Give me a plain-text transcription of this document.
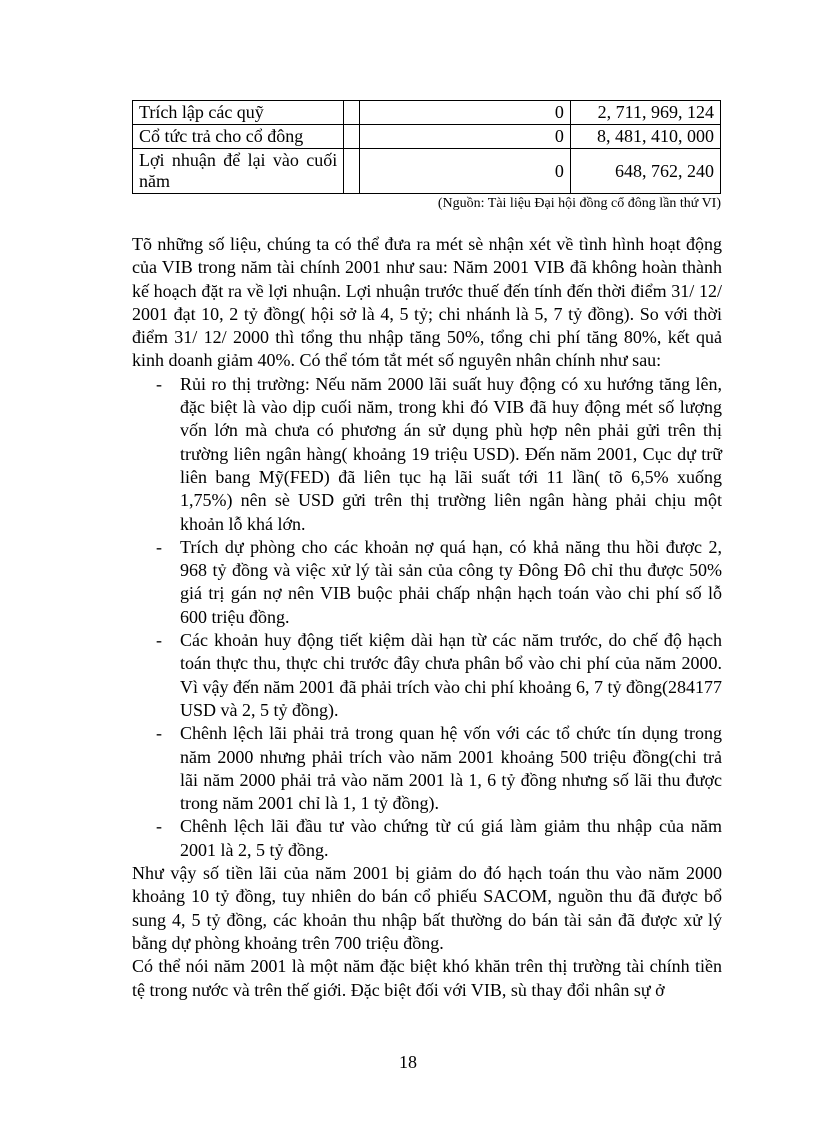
Trích lập các quỹ		0	2, 711, 969, 124
Cổ tức trả cho cổ đông		0	8, 481, 410, 000
Lợi nhuận để lại vào cuối năm		0	648, 762, 240
(Nguồn: Tài liệu Đại hội đồng cổ đông lần thứ VI)

Tõ những số liệu, chúng ta có thể đưa ra mét sè nhận xét về tình hình hoạt động của VIB trong năm tài chính 2001 như sau: Năm 2001 VIB đã không hoàn thành kế hoạch đặt ra về lợi nhuận. Lợi nhuận trước thuế đến tính đến thời điểm 31/ 12/ 2001 đạt 10, 2 tỷ đồng( hội sở là 4, 5 tỷ; chi nhánh là 5, 7 tỷ đồng). So với thời điểm 31/ 12/ 2000 thì tổng thu nhập tăng 50%, tổng chi phí tăng 80%, kết quả kinh doanh giảm 40%. Có thể tóm tắt mét số nguyên nhân chính như sau:

- Rủi ro thị trường: Nếu năm 2000 lãi suất huy động có xu hướng tăng lên, đặc biệt là vào dịp cuối năm, trong khi đó VIB đã huy động mét số lượng vốn lớn mà chưa có phương án sử dụng phù hợp nên phải gửi trên thị trường liên ngân hàng( khoảng 19 triệu USD). Đến năm 2001, Cục dự trữ liên bang Mỹ(FED) đã liên tục hạ lãi suất tới 11 lần( tõ 6,5% xuống 1,75%) nên sè USD gửi trên thị trường liên ngân hàng phải chịu một khoản lỗ khá lớn.
- Trích dự phòng cho các khoản nợ quá hạn, có khả năng thu hồi được 2, 968 tỷ đồng và việc xử lý tài sản của công ty Đông Đô chỉ thu được 50% giá trị gán nợ nên VIB buộc phải chấp nhận hạch toán vào chi phí số lỗ 600 triệu đồng.
- Các khoản huy động tiết kiệm dài hạn từ các năm trước, do chế độ hạch toán thực thu, thực chi trước đây chưa phân bổ vào chi phí của năm 2000. Vì vậy đến năm 2001 đã phải trích vào chi phí khoảng 6, 7 tỷ đồng(284177 USD và 2, 5 tỷ đồng).
- Chênh lệch lãi phải trả trong quan hệ vốn với các tổ chức tín dụng trong năm 2000 nhưng phải trích vào năm 2001 khoảng 500 triệu đồng(chi trả lãi năm 2000 phải trả vào năm 2001 là 1, 6 tỷ đồng nhưng số lãi thu được trong năm 2001 chỉ là 1, 1 tỷ đồng).
- Chênh lệch lãi đầu tư vào chứng từ cú giá làm giảm thu nhập của năm 2001 là 2, 5 tỷ đồng.

Như vậy số tiền lãi của năm 2001 bị giảm do đó hạch toán thu vào năm 2000 khoảng 10 tỷ đồng, tuy nhiên do bán cổ phiếu SACOM, nguồn thu đã được bổ sung 4, 5 tỷ đồng, các khoản thu nhập bất thường do bán tài sản đã được xử lý bằng dự phòng khoảng trên 700 triệu đồng.

Có thể nói năm 2001 là một năm đặc biệt khó khăn trên thị trường tài chính tiền tệ trong nước và trên thế giới. Đặc biệt đối với VIB, sù thay đổi nhân sự ở

18
